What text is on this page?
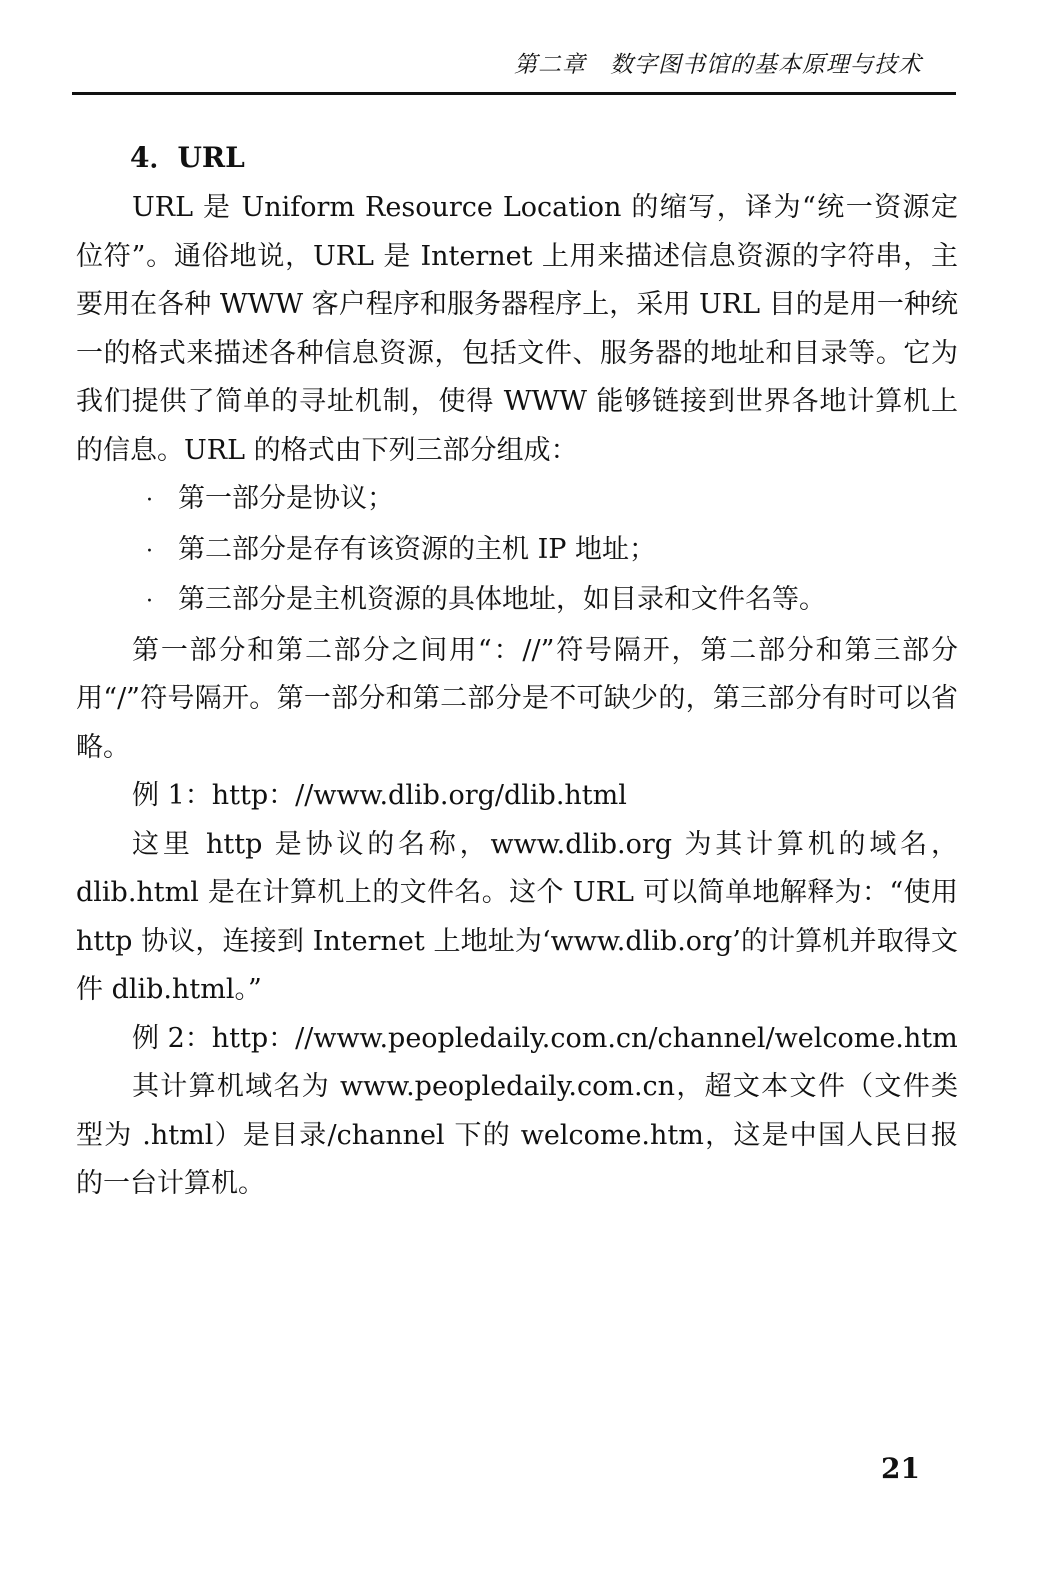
第二章　数字图书馆的基本原理与技术
4．URL

URL 是 Uniform Resource Location 的缩写，译为“统一资源定位符”。通俗地说，URL 是 Internet 上用来描述信息资源的字符串，主要用在各种 WWW 客户程序和服务器程序上，采用 URL 目的是用一种统一的格式来描述各种信息资源，包括文件、服务器的地址和目录等。它为我们提供了简单的寻址机制，使得 WWW 能够链接到世界各地计算机上的信息。URL 的格式由下列三部分组成：

· 第一部分是协议；
· 第二部分是存有该资源的主机 IP 地址；
· 第三部分是主机资源的具体地址，如目录和文件名等。

第一部分和第二部分之间用“：//”符号隔开，第二部分和第三部分用“/”符号隔开。第一部分和第二部分是不可缺少的，第三部分有时可以省略。

例 1：http：//www.dlib.org/dlib.html

这里 http 是协议的名称，www.dlib.org 为其计算机的域名，dlib.html 是在计算机上的文件名。这个 URL 可以简单地解释为：“使用 http 协议，连接到 Internet 上地址为‘www.dlib.org’的计算机并取得文件 dlib.html。”

例 2：http：//www.peopledaily.com.cn/channel/welcome.htm

其计算机域名为 www.peopledaily.com.cn，超文本文件（文件类型为 .html）是目录/channel 下的 welcome.htm，这是中国人民日报的一台计算机。

21
